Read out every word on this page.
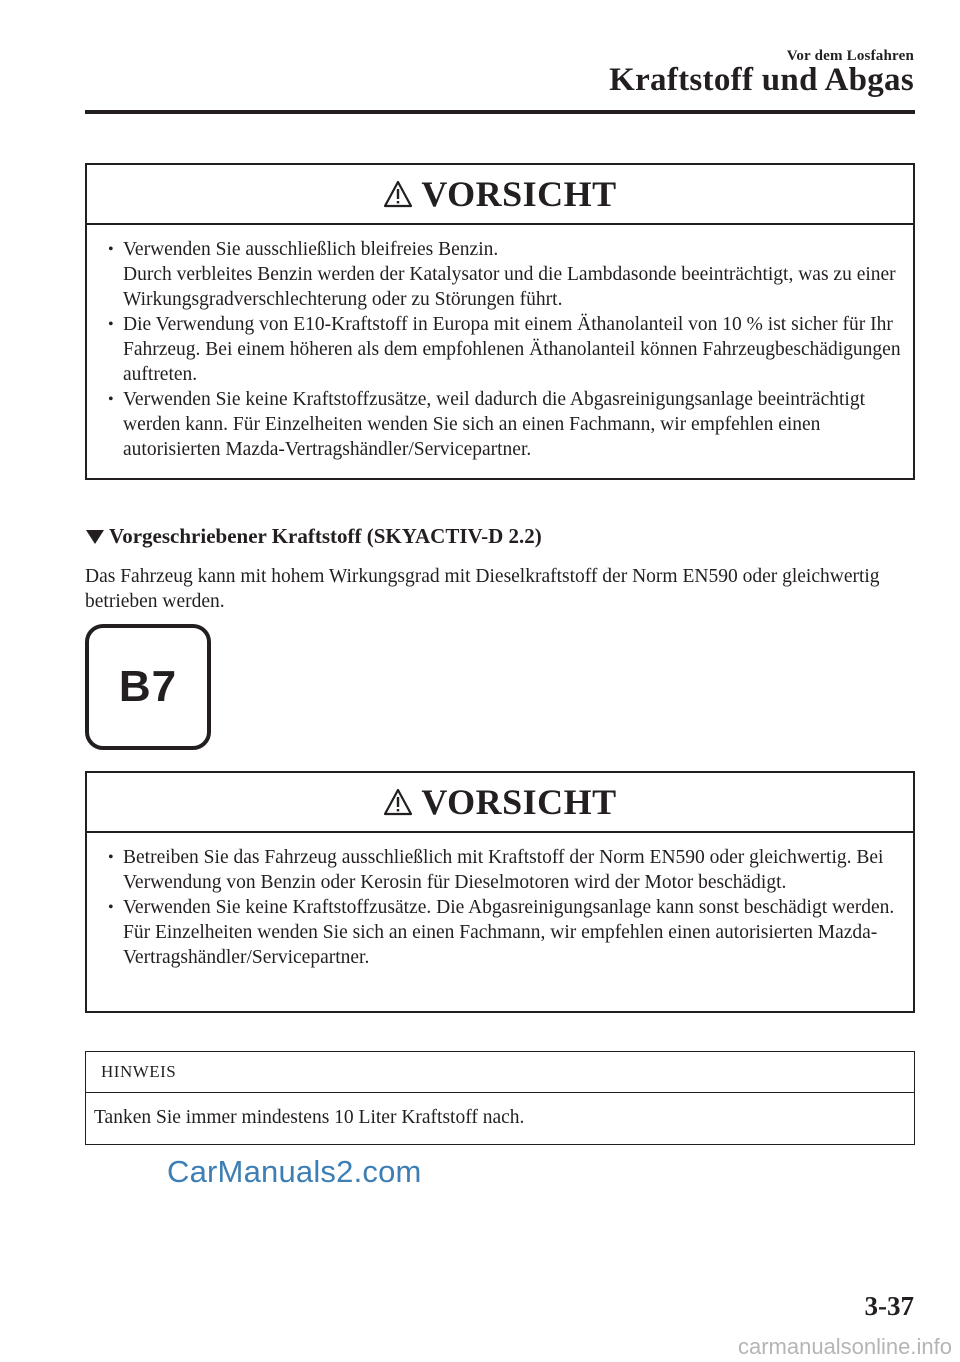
Vor dem Losfahren
Kraftstoff und Abgas
VORSICHT
• Verwenden Sie ausschließlich bleifreies Benzin.
Durch verbleites Benzin werden der Katalysator und die Lambdasonde beeinträchtigt, was zu einer Wirkungsgradverschlechterung oder zu Störungen führt.
• Die Verwendung von E10-Kraftstoff in Europa mit einem Äthanolanteil von 10 % ist sicher für Ihr Fahrzeug. Bei einem höheren als dem empfohlenen Äthanolanteil können Fahrzeugbeschädigungen auftreten.
• Verwenden Sie keine Kraftstoffzusätze, weil dadurch die Abgasreinigungsanlage beeinträchtigt werden kann. Für Einzelheiten wenden Sie sich an einen Fachmann, wir empfehlen einen autorisierten Mazda-Vertragshändler/Servicepartner.
Vorgeschriebener Kraftstoff (SKYACTIV-D 2.2)
Das Fahrzeug kann mit hohem Wirkungsgrad mit Dieselkraftstoff der Norm EN590 oder gleichwertig betrieben werden.
B7
VORSICHT
• Betreiben Sie das Fahrzeug ausschließlich mit Kraftstoff der Norm EN590 oder gleichwertig. Bei Verwendung von Benzin oder Kerosin für Dieselmotoren wird der Motor beschädigt.
• Verwenden Sie keine Kraftstoffzusätze. Die Abgasreinigungsanlage kann sonst beschädigt werden. Für Einzelheiten wenden Sie sich an einen Fachmann, wir empfehlen einen autorisierten Mazda-Vertragshändler/Servicepartner.
HINWEIS
Tanken Sie immer mindestens 10 Liter Kraftstoff nach.
CarManuals2.com
3-37
carmanualsonline.info
